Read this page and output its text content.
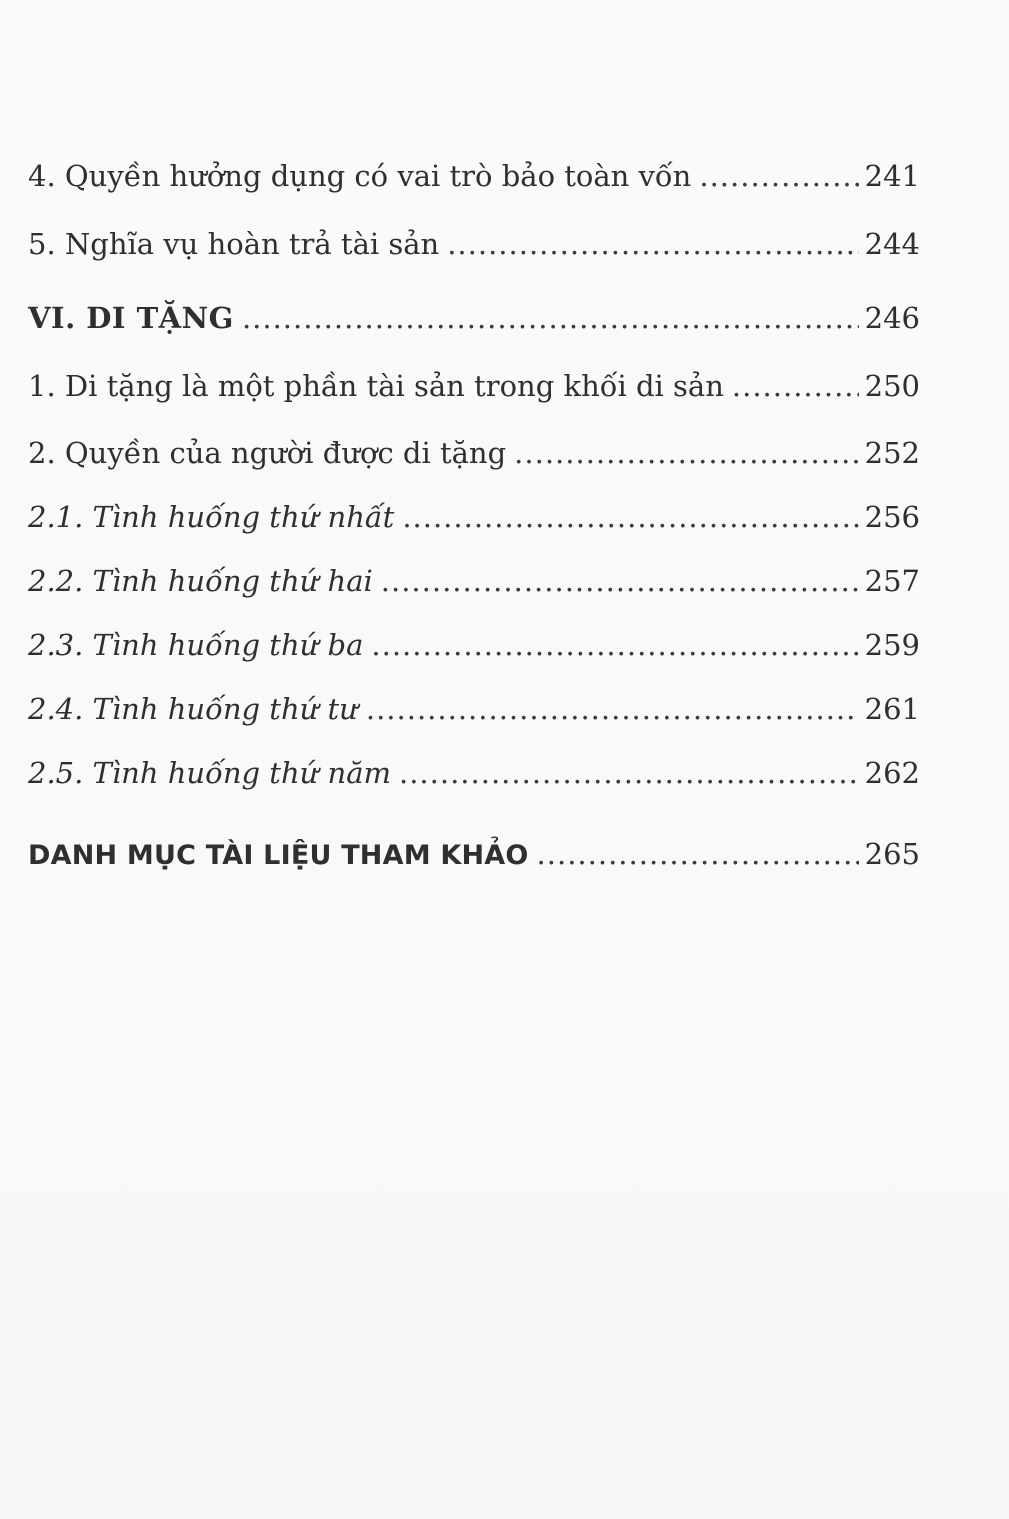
4. Quyền hưởng dụng có vai trò bảo toàn vốn .....	241
5. Nghĩa vụ hoàn trả tài sản .....	244
VI. DI TẶNG .....	246
1. Di tặng là một phần tài sản trong khối di sản .....	250
2. Quyền của người được di tặng .....	252
2.1. Tình huống thứ nhất .....	256
2.2. Tình huống thứ hai .....	257
2.3. Tình huống thứ ba .....	259
2.4. Tình huống thứ tư .....	261
2.5. Tình huống thứ năm .....	262
DANH MỤC TÀI LIỆU THAM KHẢO .....	265
